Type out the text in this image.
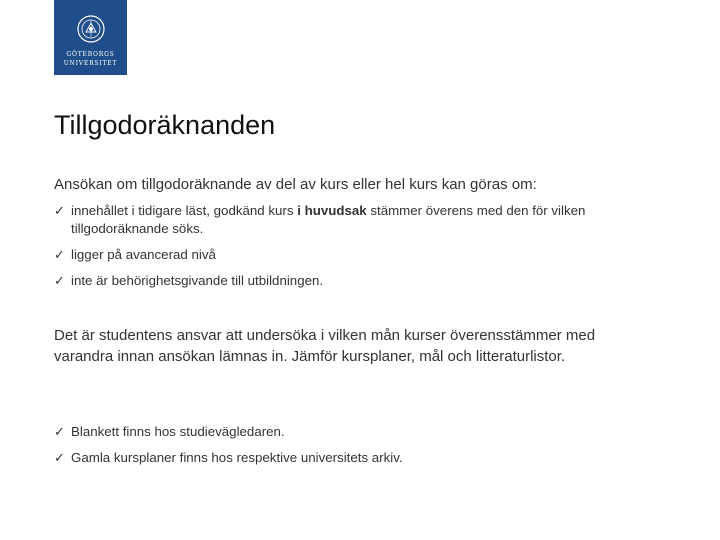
GÖTEBORGS
UNIVERSITET
Tillgodoräknanden
Ansökan om tillgodoräknande av del av kurs eller hel kurs kan göras om:
✓ innehållet i tidigare läst, godkänd kurs i huvudsak stämmer överens med den för vilken tillgodoräknande söks.
✓ ligger på avancerad nivå
✓ inte är behörighetsgivande till utbildningen.

Det är studentens ansvar att undersöka i vilken mån kurser överensstämmer med varandra innan ansökan lämnas in. Jämför kursplaner, mål och litteraturlistor.

✓ Blankett finns hos studievägledaren.
✓ Gamla kursplaner finns hos respektive universitets arkiv.
